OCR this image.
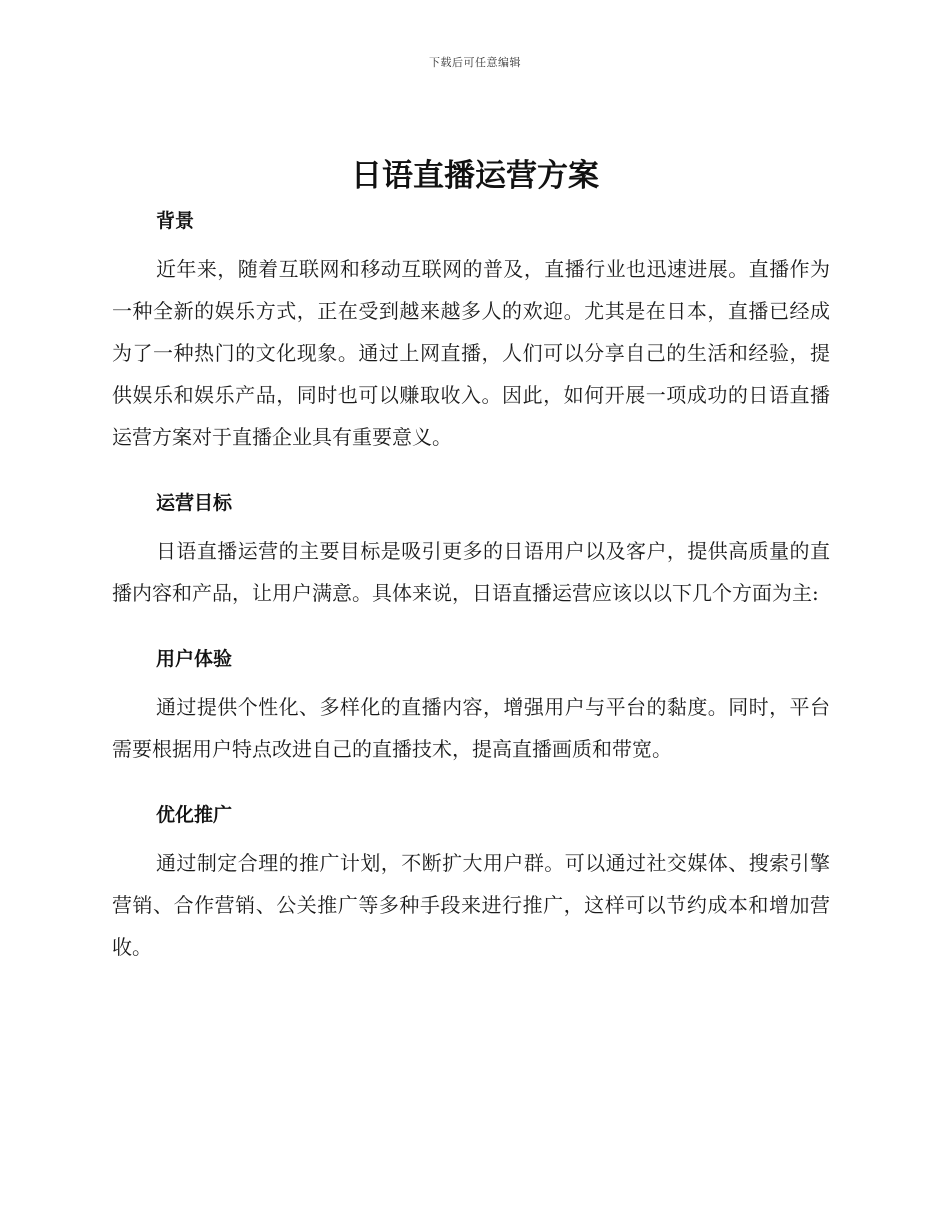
下载后可任意编辑
日语直播运营方案
背景

近年来，随着互联网和移动互联网的普及，直播行业也迅速进展。直播作为一种全新的娱乐方式，正在受到越来越多人的欢迎。尤其是在日本，直播已经成为了一种热门的文化现象。通过上网直播，人们可以分享自己的生活和经验，提供娱乐和娱乐产品，同时也可以赚取收入。因此，如何开展一项成功的日语直播运营方案对于直播企业具有重要意义。

运营目标

日语直播运营的主要目标是吸引更多的日语用户以及客户，提供高质量的直播内容和产品，让用户满意。具体来说，日语直播运营应该以以下几个方面为主:

用户体验

通过提供个性化、多样化的直播内容，增强用户与平台的黏度。同时，平台需要根据用户特点改进自己的直播技术，提高直播画质和带宽。

优化推广

通过制定合理的推广计划，不断扩大用户群。可以通过社交媒体、搜索引擎营销、合作营销、公关推广等多种手段来进行推广，这样可以节约成本和增加营收。
